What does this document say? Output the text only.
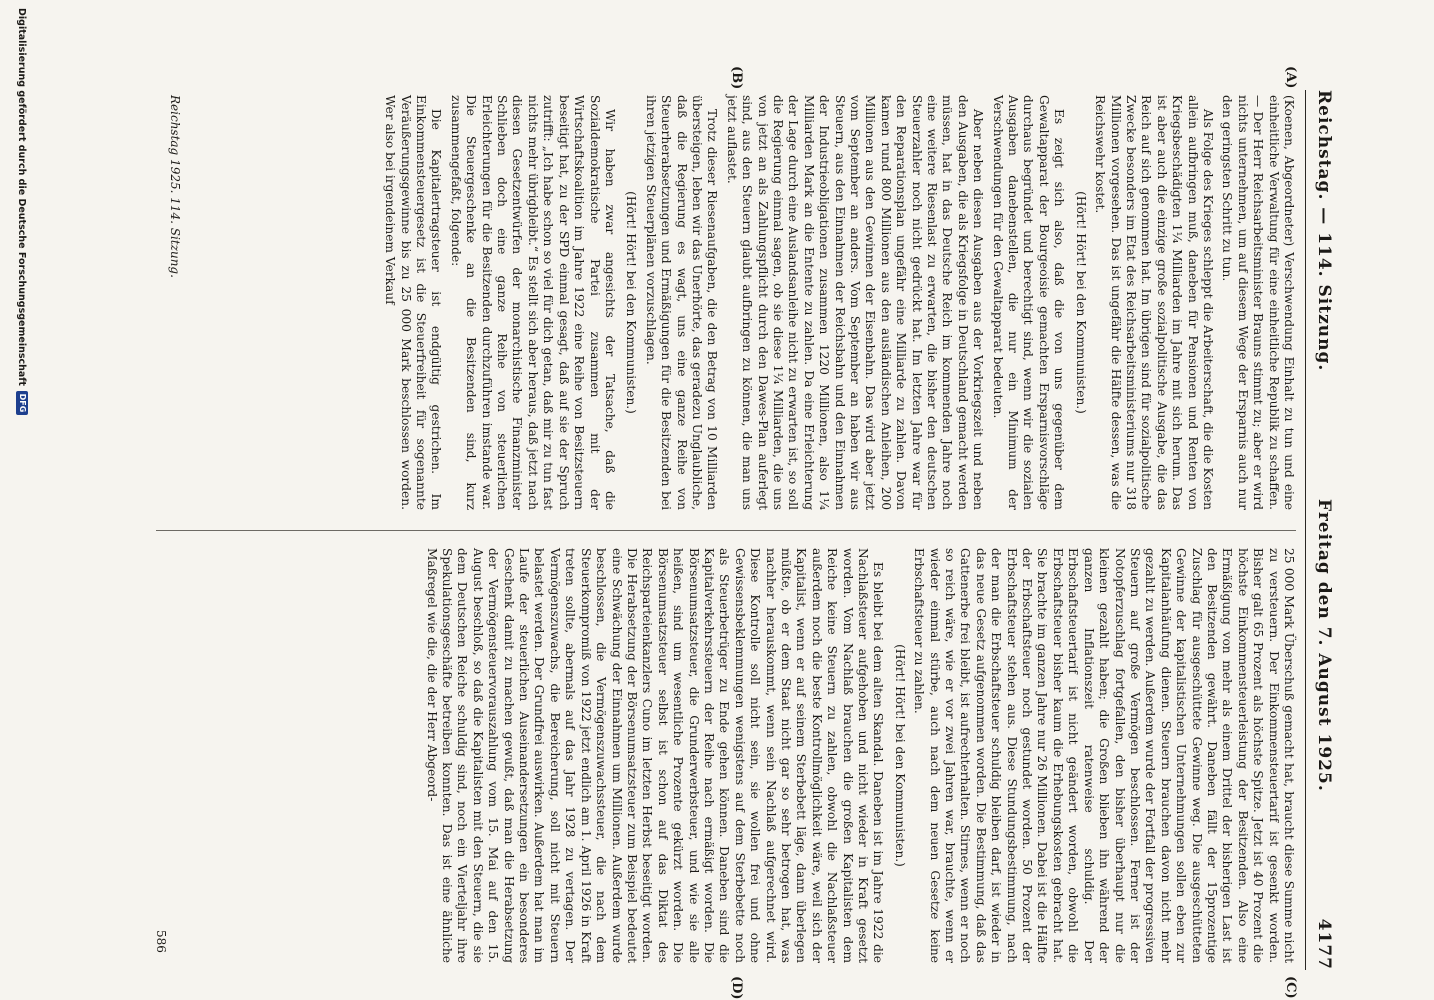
Reichstag. — 114. Sitzung.
Freitag den 7. August 1925. 4177
(A)
(B)
(C)
(D)

(Koenen, Abgeordneter) Verschwendung Einhalt zu tun und eine einheitliche Verwaltung für eine einheitliche Republik zu schaffen. — Der Herr Reichsarbeitsminister Brauns stimmt zu; aber er wird nichts unternehmen, um auf diesem Wege der Ersparnis auch nur den geringsten Schritt zu tun.

Als Folge des Krieges schleppt die Arbeiterschaft, die die Kosten allein aufbringen muß, daneben für Pensionen und Renten von Kriegsbeschädigten 1¼ Milliarden im Jahre mit sich herum. Das ist aber auch die einzige große sozialpolitische Ausgabe, die das Reich auf sich genommen hat. Im übrigen sind für sozialpolitische Zwecke besonders im Etat des Reichsarbeitsministeriums nur 318 Millionen vorgesehen. Das ist ungefähr die Hälfte dessen, was die Reichswehr kostet.

(Hört! Hört! bei den Kommunisten.)

Es zeigt sich also, daß die von uns gegenüber dem Gewaltapparat der Bourgeoisie gemachten Ersparnisvorschläge durchaus begründet und berechtigt sind, wenn wir die sozialen Ausgaben danebenstellen, die nur ein Minimum der Verschwendungen für den Gewaltapparat bedeuten.

Aber neben diesen Ausgaben aus der Vorkriegszeit und neben den Ausgaben, die als Kriegsfolge in Deutschland gemacht werden müssen, hat in das Deutsche Reich im kommenden Jahre noch eine weitere Riesenlast zu erwarten, die bisher den deutschen Steuerzahler noch nicht gedrückt hat. Im letzten Jahre war für den Reparationsplan ungefähr eine Milliarde zu zahlen. Davon kamen rund 800 Millionen aus den ausländischen Anleihen, 200 Millionen aus den Gewinnen der Eisenbahn. Das wird aber jetzt vom September an anders. Vom September an haben wir aus Steuern, aus den Einnahmen der Reichsbahn und den Einnahmen der Industrieobligationen zusammen 1220 Millionen, also 1¼ Milliarden Mark an die Entente zu zahlen. Da eine Erleichterung der Lage durch eine Auslandsanleihe nicht zu erwarten ist, so soll die Regierung einmal sagen, ob sie diese 1¼ Milliarden, die uns von jetzt an als Zahlungspflicht durch den Dawes-Plan auferlegt sind, aus den Steuern glaubt aufbringen zu können, die man uns jetzt auflastet.

Trotz dieser Riesenaufgaben, die den Betrag von 10 Milliarden übersteigen, leben wir das Unerhörte, das geradezu Unglaubliche, daß die Regierung es wagt, uns eine ganze Reihe von Steuerherabsetzungen und Ermäßigungen für die Besitzenden bei ihren jetzigen Steuerplänen vorzuschlagen.

(Hört! Hört! bei den Kommunisten.)

Wir haben zwar angesichts der Tatsache, daß die Sozialdemokratische Partei zusammen mit der Wirtschaftskoalition im Jahre 1922 eine Reihe von Besitzsteuern beseitigt hat, zu der SPD einmal gesagt, daß auf sie der Spruch zutrifft: „Ich habe schon so viel für dich getan, daß mir zu tun fast nichts mehr übrigbleibt.“ Es stellt sich aber heraus, daß jetzt nach diesen Gesetzentwürfen der monarchistische Finanzminister Schlieben doch eine ganze Reihe von steuerlichen Erleichterungen für die Besitzenden durchzuführen imstande war. Die Steuergeschenke an die Besitzenden sind, kurz zusammengefaßt, folgende:

Die Kapitalertragsteuer ist endgültig gestrichen. Im Einkommensteuergesetz ist die Steuerfreiheit für sogenannte Veräußerungsgewinne bis zu 25 000 Mark beschlossen worden. Wer also bei irgendeinem Verkauf

25 000 Mark Überschuß gemacht hat, braucht diese Summe nicht zu versteuern. Der Einkommensteuertarif ist gesenkt worden. Bisher galt 65 Prozent als höchste Spitze. Jetzt ist 40 Prozent die höchste Einkommensteuerleistung der Besitzenden. Also eine Ermäßigung von mehr als einem Drittel der bisherigen Last ist den Besitzenden gewährt. Daneben fällt der 15prozentige Zuschlag für ausgeschüttete Gewinne weg. Die ausgeschütteten Gewinne der kapitalistischen Unternehmungen sollen eben zur Kapitalanhäufung dienen. Steuern brauchen davon nicht mehr gezahlt zu werden. Außerdem wurde der Fortfall der progressiven Steuern auf große Vermögen beschlossen. Ferner ist der Notopferzuschlag fortgefallen, den bisher überhaupt nur die kleinen gezahlt haben; die Großen blieben ihn während der ganzen Inflationszeit ratenweise schuldig. Der Erbschaftsteuertarif ist nicht geändert worden, obwohl die Erbschaftsteuer bisher kaum die Erhebungskosten gebracht hat. Sie brachte im ganzen Jahre nur 26 Millionen. Dabei ist die Hälfte der Erbschaftsteuer noch gestundet worden. 50 Prozent der Erbschaftsteuer stehen aus. Diese Stundungsbestimmung, nach der man die Erbschaftsteuer schuldig bleiben darf, ist wieder in das neue Gesetz aufgenommen worden. Die Bestimmung, daß das Gattenerbe frei bleibt, ist aufrechterhalten. Stirnes, wenn er noch so reich wäre, wie er vor zwei Jahren war, brauchte, wenn er wieder einmal stürbe, auch nach dem neuen Gesetze keine Erbschaftsteuer zu zahlen.

(Hört! Hört! bei den Kommunisten.)

Es bleibt bei dem alten Skandal. Daneben ist im Jahre 1922 die Nachlaßsteuer aufgehoben und nicht wieder in Kraft gesetzt worden. Vom Nachlaß brauchen die großen Kapitalisten dem Reiche keine Steuern zu zahlen, obwohl die Nachlaßsteuer außerdem noch die beste Kontrollmöglichkeit wäre, weil sich der Kapitalist, wenn er auf seinem Sterbebett läge, dann überlegen müßte, ob er dem Staat nicht gar so sehr betrogen hat, was nachher herauskommt, wenn sein Nachlaß aufgerechnet wird. Diese Kontrolle soll nicht sein, sie wollen frei und ohne Gewissensbeklemmungen wenigstens auf dem Sterbebette noch als Steuerbetrüger zu Ende gehen können. Daneben sind die Kapitalverkehrssteuern der Reihe nach ermäßigt worden. Die Börsenumsatzsteuer, die Grunderwerbsteuer, und wie sie alle heißen, sind um wesentliche Prozente gekürzt worden. Die Börsenumsatzsteuer selbst ist schon auf das Diktat des Reichsparteienkanzlers Cuno im letzten Herbst beseitigt worden. Die Herabsetzung der Börsenumsatzsteuer zum Beispiel bedeutet eine Schwächung der Einnahmen um Millionen. Außerdem wurde beschlossen, die Vermögenszuwachssteuer, die nach dem Steuerkompromiß von 1922 jetzt endlich am 1. April 1926 in Kraft treten sollte, abermals auf das Jahr 1928 zu vertagen. Der Vermögenszuwachs, die Bereicherung, soll nicht mit Steuern belastet werden. Der Grundfrei auswirken. Außerdem hat man im Laufe der steuerlichen Auseinandersetzungen ein besonderes Geschenk damit zu machen gewußt, daß man die Herabsetzung der Vermögensteuervorauszahlung vom 15. Mai auf den 15. August beschloß, so daß die Kapitalisten mit den Steuern, die sie dem Deutschen Reiche schuldig sind, noch ein Vierteljahr ihre Spekulationsgeschäfte betreiben konnten. Das ist eine ähnliche Maßregel wie die, die der Herr Abgeord-

Reichstag 1925. 114. Sitzung.
586
Digitalisierung gefördert durch die Deutsche Forschungsgemeinschaft
DFG
